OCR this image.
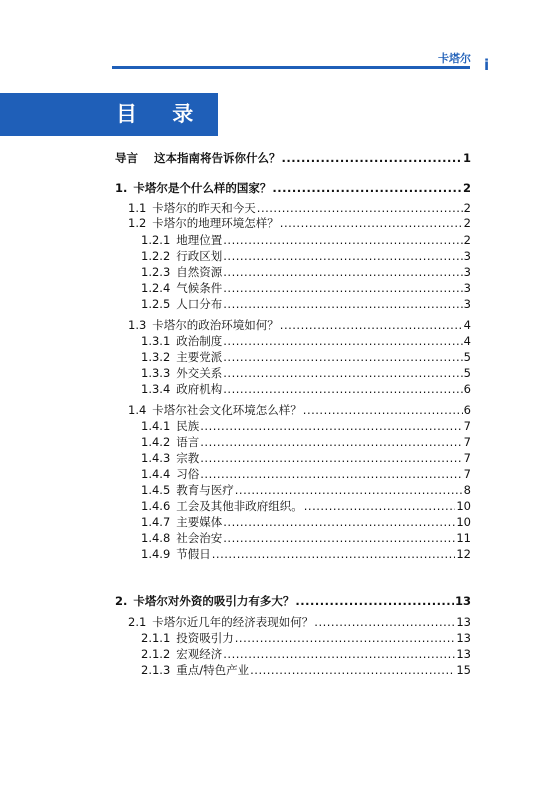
卡塔尔 i
目 录
导言 这本指南将告诉你什么？ .....	1
1. 卡塔尔是个什么样的国家？ .....	2
1.1 卡塔尔的昨天和今天 .....	2
1.2 卡塔尔的地理环境怎样？ .....	2
1.2.1 地理位置 .....	2
1.2.2 行政区划 .....	3
1.2.3 自然资源 .....	3
1.2.4 气候条件 .....	3
1.2.5 人口分布 .....	3
1.3 卡塔尔的政治环境如何？ .....	4
1.3.1 政治制度 .....	4
1.3.2 主要党派 .....	5
1.3.3 外交关系 .....	5
1.3.4 政府机构 .....	6
1.4 卡塔尔社会文化环境怎么样？ .....	6
1.4.1 民族 .....	7
1.4.2 语言 .....	7
1.4.3 宗教 .....	7
1.4.4 习俗 .....	7
1.4.5 教育与医疗 .....	8
1.4.6 工会及其他非政府组织。 .....	10
1.4.7 主要媒体 .....	10
1.4.8 社会治安 .....	11
1.4.9 节假日 .....	12
2. 卡塔尔对外资的吸引力有多大？ .....	13
2.1 卡塔尔近几年的经济表现如何？ .....	13
2.1.1 投资吸引力 .....	13
2.1.2 宏观经济 .....	13
2.1.3 重点/特色产业 .....	15
